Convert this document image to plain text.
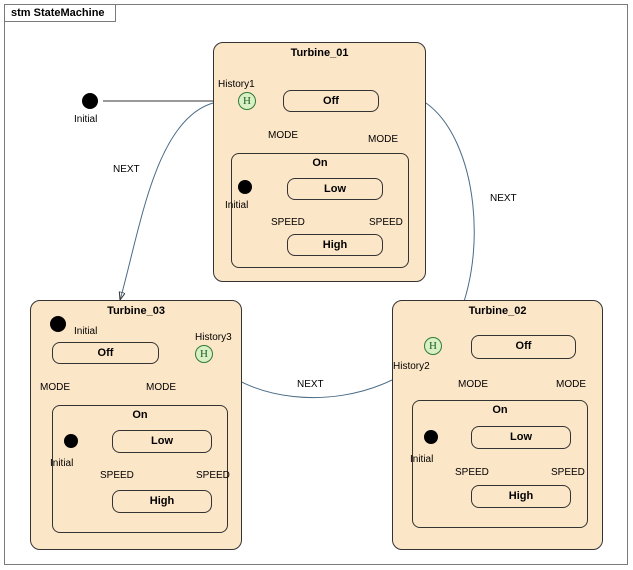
stm StateMachine
Initial
NEXT
NEXT
NEXT
Turbine_01
History1
H	Off
MODE	MODE
On
Initial
Low
SPEED	SPEED
High
Turbine_02
H
History2
Off
MODE	MODE
On
Initial
Low
SPEED	SPEED
High
Turbine_03
Initial
Off
History3
H
MODE	MODE
On
Initial
Low
SPEED	SPEED
High
